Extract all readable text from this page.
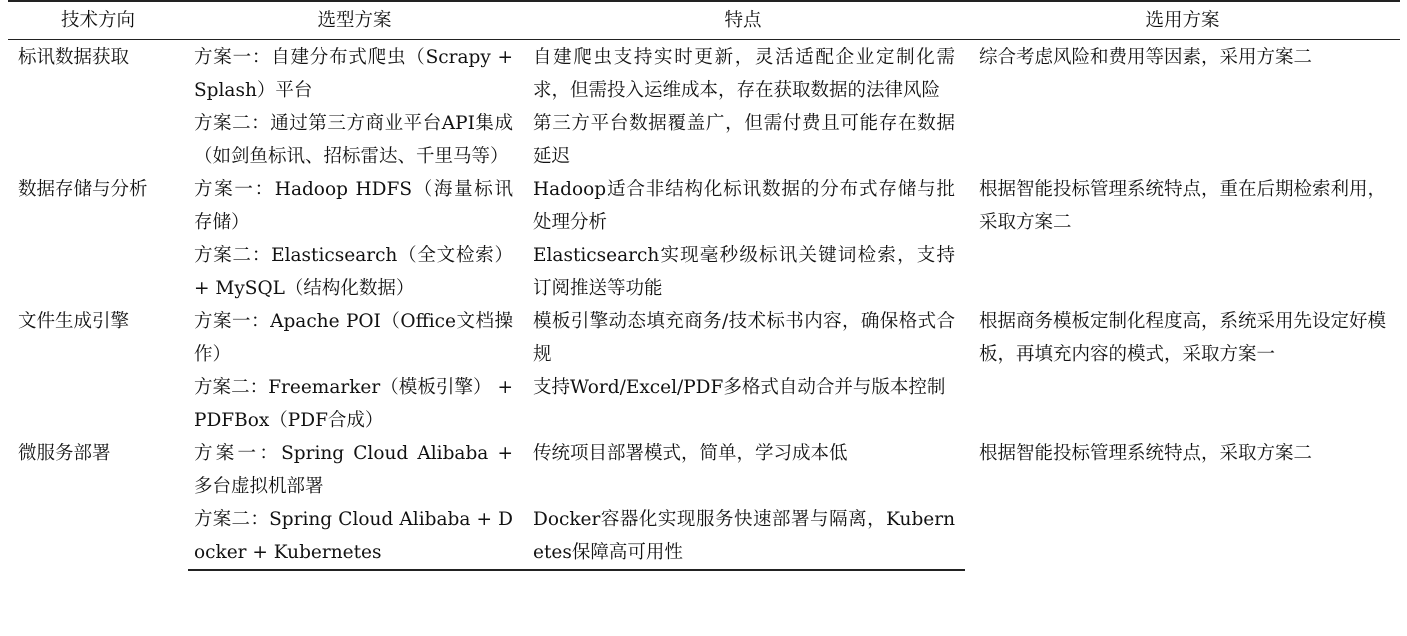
技术方向	选型方案	特点	选用方案
标讯数据获取	方案一：自建分布式爬虫（Scrapy + Splash）平台	自建爬虫支持实时更新，灵活适配企业定制化需求，但需投入运维成本，存在获取数据的法律风险	综合考虑风险和费用等因素，采用方案二
	方案二：通过第三方商业平台API集成（如剑鱼标讯、招标雷达、千里马等）	第三方平台数据覆盖广，但需付费且可能存在数据延迟	
数据存储与分析	方案一：Hadoop HDFS（海量标讯存储）	Hadoop适合非结构化标讯数据的分布式存储与批处理分析	根据智能投标管理系统特点，重在后期检索利用，采取方案二
	方案二：Elasticsearch（全文检索） + MySQL（结构化数据）	Elasticsearch实现毫秒级标讯关键词检索，支持订阅推送等功能	
文件生成引擎	方案一：Apache POI（Office文档操作）	模板引擎动态填充商务/技术标书内容，确保格式合规	根据商务模板定制化程度高，系统采用先设定好模板，再填充内容的模式，采取方案一
	方案二：Freemarker（模板引擎） + PDFBox（PDF合成）	支持Word/Excel/PDF多格式自动合并与版本控制	
微服务部署	方案一：Spring Cloud Alibaba + 多台虚拟机部署	传统项目部署模式，简单，学习成本低	根据智能投标管理系统特点，采取方案二
	方案二：Spring Cloud Alibaba + Docker + Kubernetes	Docker容器化实现服务快速部署与隔离，Kubernetes保障高可用性	
